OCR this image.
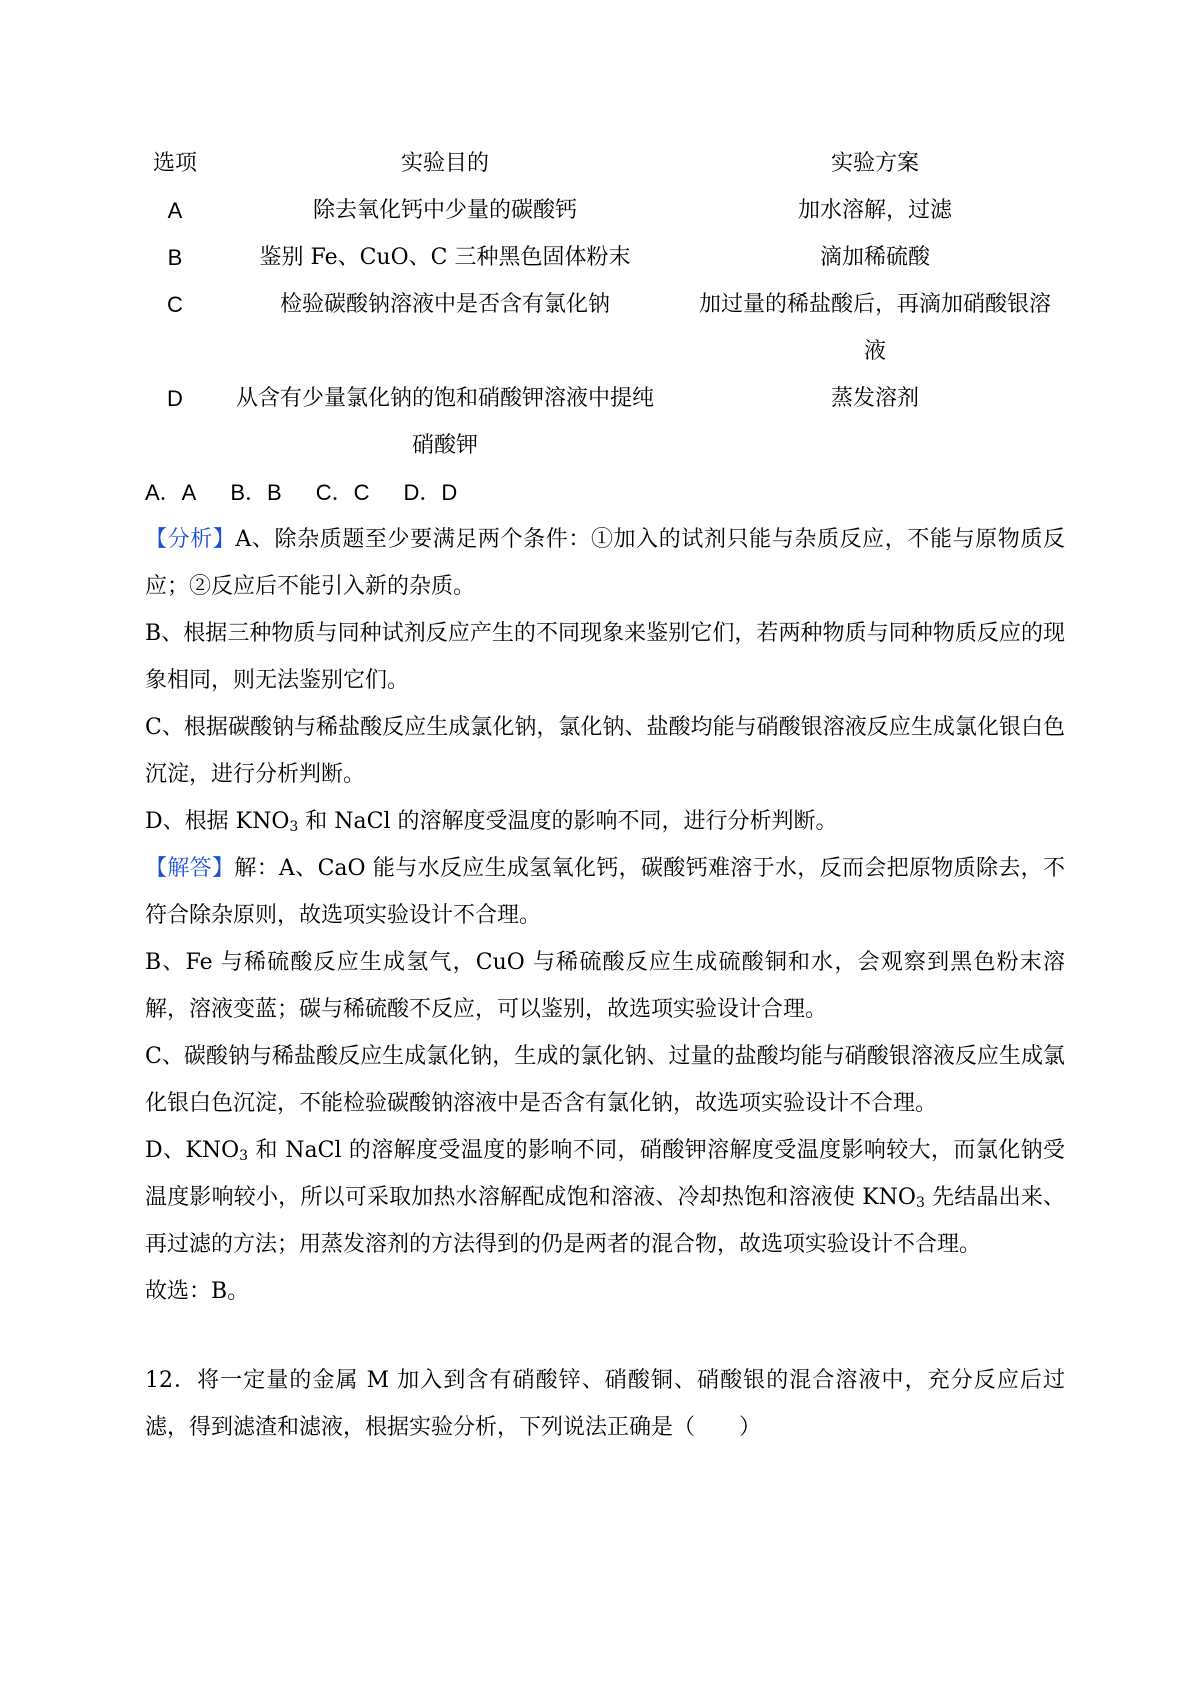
选项	实验目的	实验方案
A	除去氧化钙中少量的碳酸钙	加水溶解，过滤
B	鉴别 Fe、CuO、C 三种黑色固体粉末	滴加稀硫酸
C	检验碳酸钠溶液中是否含有氯化钠	加过量的稀盐酸后，再滴加硝酸银溶液
D	从含有少量氯化钠的饱和硝酸钾溶液中提纯硝酸钾	蒸发溶剂
A．A B．B C．C D．D

【分析】A、除杂质题至少要满足两个条件：①加入的试剂只能与杂质反应，不能与原物质反应；②反应后不能引入新的杂质。

B、根据三种物质与同种试剂反应产生的不同现象来鉴别它们，若两种物质与同种物质反应的现象相同，则无法鉴别它们。

C、根据碳酸钠与稀盐酸反应生成氯化钠，氯化钠、盐酸均能与硝酸银溶液反应生成氯化银白色沉淀，进行分析判断。

D、根据 $KNO_3$ 和 NaCl 的溶解度受温度的影响不同，进行分析判断。

【解答】解：A、CaO 能与水反应生成氢氧化钙，碳酸钙难溶于水，反而会把原物质除去，不符合除杂原则，故选项实验设计不合理。

B、Fe 与稀硫酸反应生成氢气，CuO 与稀硫酸反应生成硫酸铜和水，会观察到黑色粉末溶解，溶液变蓝；碳与稀硫酸不反应，可以鉴别，故选项实验设计合理。

C、碳酸钠与稀盐酸反应生成氯化钠，生成的氯化钠、过量的盐酸均能与硝酸银溶液反应生成氯化银白色沉淀，不能检验碳酸钠溶液中是否含有氯化钠，故选项实验设计不合理。

D、$KNO_3$ 和 NaCl 的溶解度受温度的影响不同，硝酸钾溶解度受温度影响较大，而氯化钠受温度影响较小，所以可采取加热水溶解配成饱和溶液、冷却热饱和溶液使 $KNO_3$ 先结晶出来、再过滤的方法；用蒸发溶剂的方法得到的仍是两者的混合物，故选项实验设计不合理。

故选：B。

12．将一定量的金属 M 加入到含有硝酸锌、硝酸铜、硝酸银的混合溶液中，充分反应后过滤，得到滤渣和滤液，根据实验分析，下列说法正确是（　　）
